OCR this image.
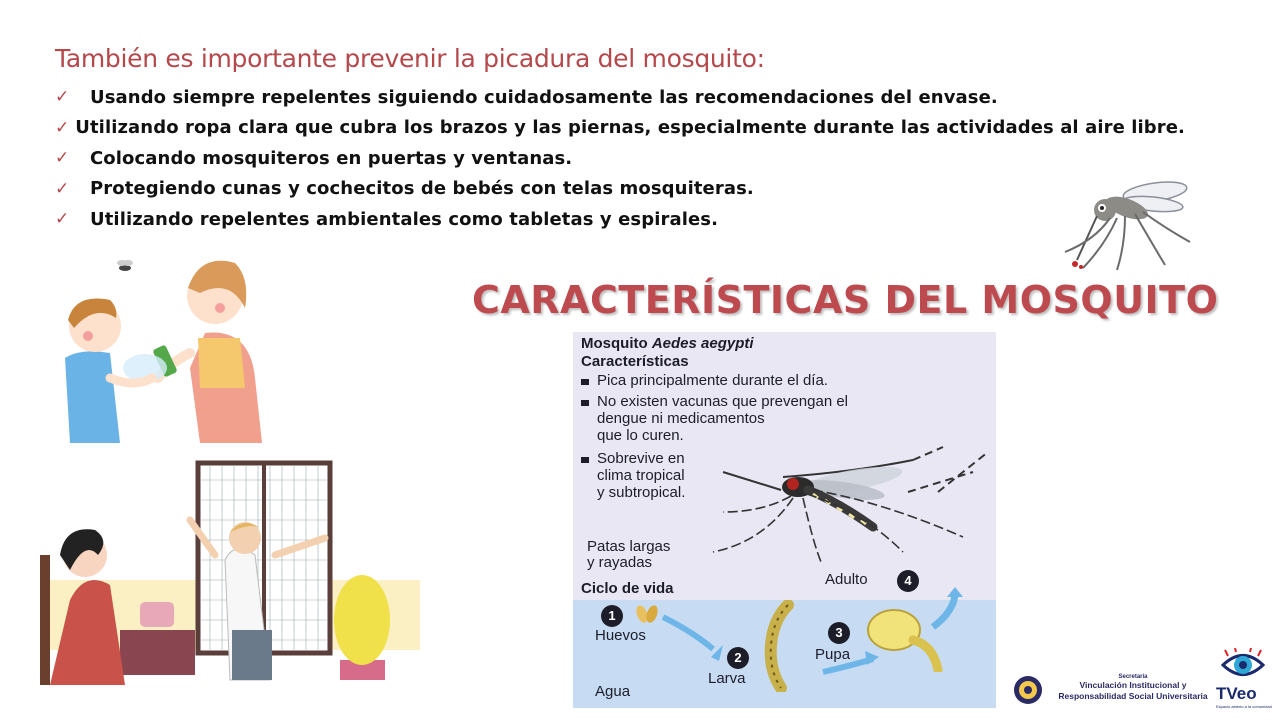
También es importante prevenir la picadura del mosquito:
✓	Usando siempre repelentes siguiendo cuidadosamente las recomendaciones del envase.
✓ Utilizando ropa clara que cubra los brazos y las piernas, especialmente durante las actividades al aire libre.
✓	Colocando mosquiteros en puertas y ventanas.
✓	Protegiendo cunas y cochecitos de bebés con telas mosquiteras.
✓	Utilizando repelentes ambientales como tabletas y espirales.
Mosquito Aedes aegypti
Características
Pica principalmente durante el día.
No existen vacunas que prevengan el
dengue ni medicamentos
que lo curen.
Sobrevive en
clima tropical
y subtropical.
Patas largas
y rayadas
Ciclo de vida
Adulto	4
1
Huevos
2
Larva
3
Pupa
Agua
CARACTERÍSTICAS DEL MOSQUITO
Secretaría
Vinculación Institucional y
Responsabilidad Social Universitaria TVeo
Espacio abierto a la comunidad
